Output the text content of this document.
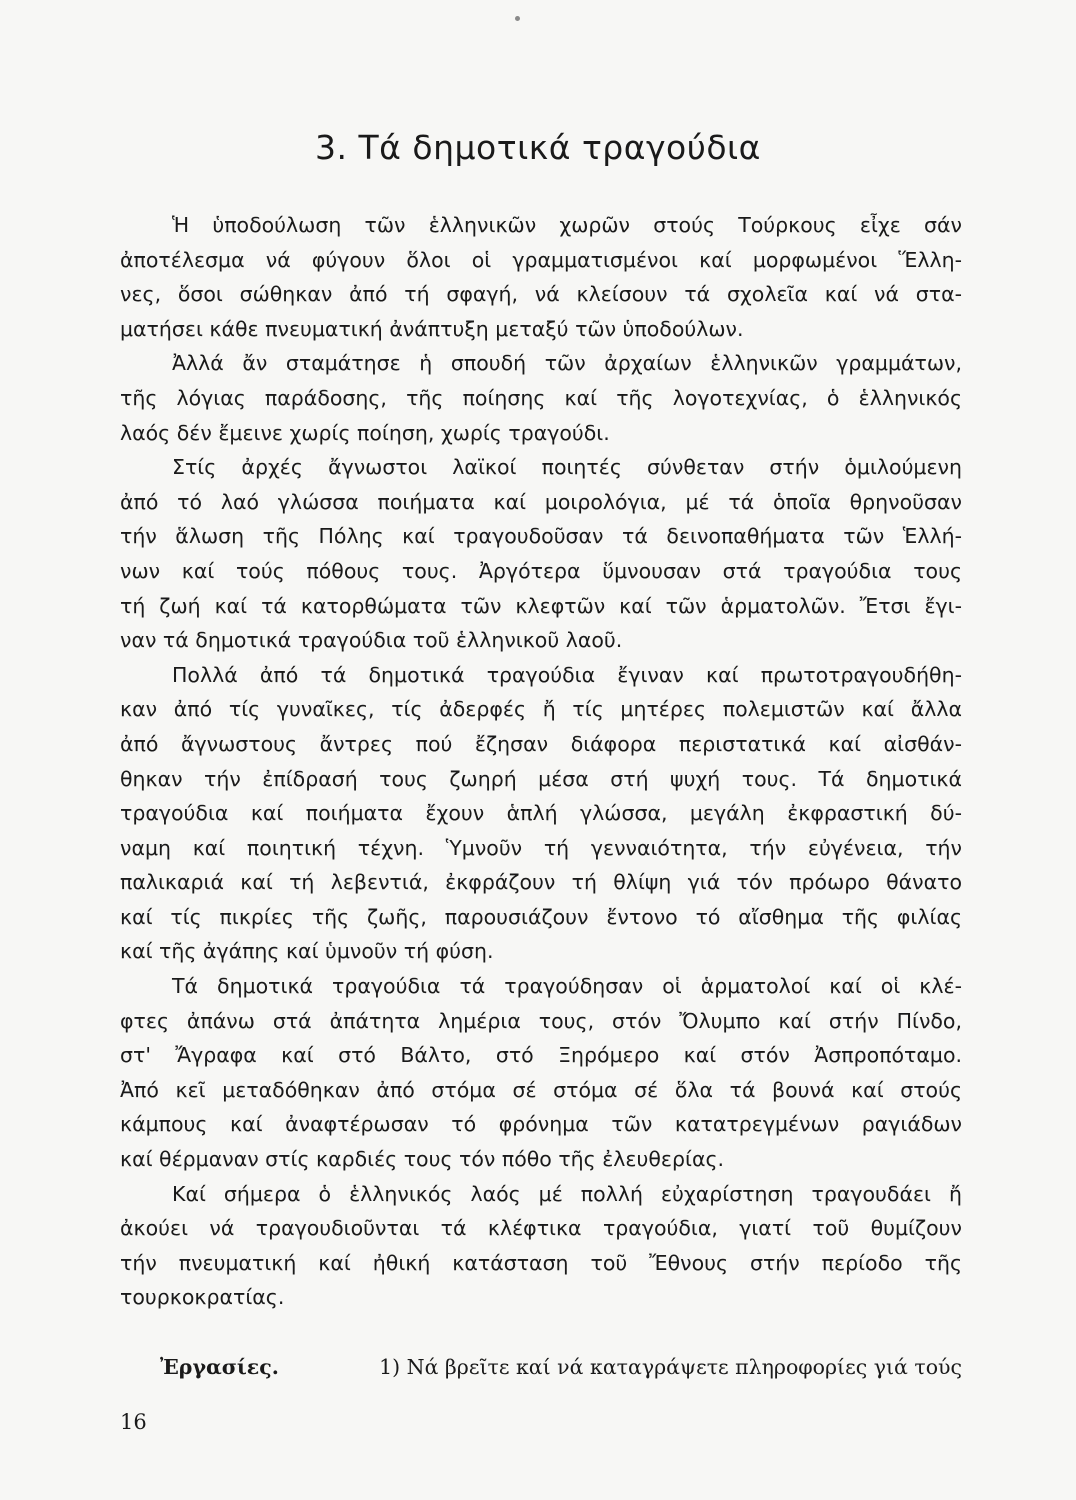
3. Τά δημοτικά τραγούδια
Ἡ ὑποδούλωση τῶν ἑλληνικῶν χωρῶν στούς Τούρκους εἶχε σάν
ἀποτέλεσμα νά φύγουν ὅλοι οἱ γραμματισμένοι καί μορφωμένοι Ἕλλη-
νες, ὅσοι σώθηκαν ἀπό τή σφαγή, νά κλείσουν τά σχολεῖα καί νά στα-
ματήσει κάθε πνευματική ἀνάπτυξη μεταξύ τῶν ὑποδούλων.
Ἀλλά ἄν σταμάτησε ἡ σπουδή τῶν ἀρχαίων ἑλληνικῶν γραμμάτων,
τῆς λόγιας παράδοσης, τῆς ποίησης καί τῆς λογοτεχνίας, ὁ ἑλληνικός
λαός δέν ἔμεινε χωρίς ποίηση, χωρίς τραγούδι.
Στίς ἀρχές ἄγνωστοι λαϊκοί ποιητές σύνθεταν στήν ὁμιλούμενη
ἀπό τό λαό γλώσσα ποιήματα καί μοιρολόγια, μέ τά ὁποῖα θρηνοῦσαν
τήν ἅλωση τῆς Πόλης καί τραγουδοῦσαν τά δεινοπαθήματα τῶν Ἑλλή-
νων καί τούς πόθους τους. Ἀργότερα ὕμνουσαν στά τραγούδια τους
τή ζωή καί τά κατορθώματα τῶν κλεφτῶν καί τῶν ἁρματολῶν. Ἔτσι ἔγι-
ναν τά δημοτικά τραγούδια τοῦ ἑλληνικοῦ λαοῦ.
Πολλά ἀπό τά δημοτικά τραγούδια ἔγιναν καί πρωτοτραγουδήθη-
καν ἀπό τίς γυναῖκες, τίς ἀδερφές ἤ τίς μητέρες πολεμιστῶν καί ἄλλα
ἀπό ἄγνωστους ἄντρες πού ἔζησαν διάφορα περιστατικά καί αἰσθάν-
θηκαν τήν ἐπίδρασή τους ζωηρή μέσα στή ψυχή τους. Τά δημοτικά
τραγούδια καί ποιήματα ἔχουν ἁπλή γλώσσα, μεγάλη ἐκφραστική δύ-
ναμη καί ποιητική τέχνη. Ὑμνοῦν τή γενναιότητα, τήν εὐγένεια, τήν
παλικαριά καί τή λεβεντιά, ἐκφράζουν τή θλίψη γιά τόν πρόωρο θάνατο
καί τίς πικρίες τῆς ζωῆς, παρουσιάζουν ἔντονο τό αἴσθημα τῆς φιλίας
καί τῆς ἀγάπης καί ὑμνοῦν τή φύση.
Τά δημοτικά τραγούδια τά τραγούδησαν οἱ ἁρματολοί καί οἱ κλέ-
φτες ἀπάνω στά ἀπάτητα λημέρια τους, στόν Ὄλυμπο καί στήν Πίνδο,
στ' Ἄγραφα καί στό Βάλτο, στό Ξηρόμερο καί στόν Ἀσπροπόταμο.
Ἀπό κεῖ μεταδόθηκαν ἀπό στόμα σέ στόμα σέ ὅλα τά βουνά καί στούς
κάμπους καί ἀναφτέρωσαν τό φρόνημα τῶν κατατρεγμένων ραγιάδων
καί θέρμαναν στίς καρδιές τους τόν πόθο τῆς ἐλευθερίας.
Καί σήμερα ὁ ἑλληνικός λαός μέ πολλή εὐχαρίστηση τραγουδάει ἤ
ἀκούει νά τραγουδιοῦνται τά κλέφτικα τραγούδια, γιατί τοῦ θυμίζουν
τήν πνευματική καί ἠθική κατάσταση τοῦ Ἔθνους στήν περίοδο τῆς
τουρκοκρατίας.
Ἐργασίες.	1) Νά βρεῖτε καί νά καταγράψετε πληροφορίες γιά τούς
16
